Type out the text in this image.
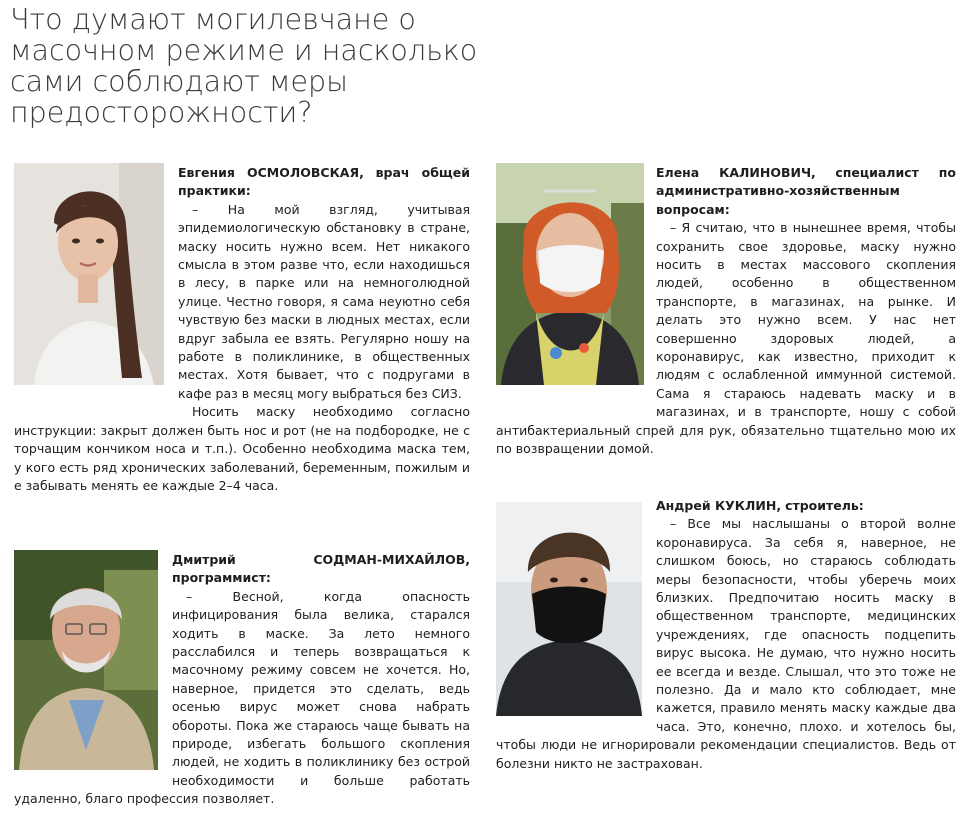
Что думают могилевчане о масочном режиме и насколько сами соблюдают меры предосторожности?

Евгения ОСМОЛОВСКАЯ, врач общей практики:

– На мой взгляд, учитывая эпидемиологическую обстановку в стране, маску носить нужно всем. Нет никакого смысла в этом разве что, если находишься в лесу, в парке или на немноголюдной улице. Честно говоря, я сама неуютно себя чувствую без маски в людных местах, если вдруг забыла ее взять. Регулярно ношу на работе в поликлинике, в общественных местах. Хотя бывает, что с подругами в кафе раз в месяц могу выбраться без СИЗ.

Носить маску необходимо согласно инструкции: закрыт должен быть нос и рот (не на подбородке, не с торчащим кончиком носа и т.п.). Особенно необходима маска тем, у кого есть ряд хронических заболеваний, беременным, пожилым и е забывать менять ее каждые 2–4 часа.

Дмитрий СОДМАН-МИХАЙЛОВ, программист:

– Весной, когда опасность инфицирования была велика, старался ходить в маске. За лето немного расслабился и теперь возвращаться к масочному режиму совсем не хочется. Но, наверное, придется это сделать, ведь осенью вирус может снова набрать обороты. Пока же стараюсь чаще бывать на природе, избегать большого скопления людей, не ходить в поликлинику без острой необходимости и больше работать удаленно, благо профессия позволяет.

Елена КАЛИНОВИЧ, специалист по административно-хозяйственным вопросам:

– Я считаю, что в нынешнее время, чтобы сохранить свое здоровье, маску нужно носить в местах массового скопления людей, особенно в общественном транспорте, в магазинах, на рынке. И делать это нужно всем. У нас нет совершенно здоровых людей, а коронавирус, как известно, приходит к людям с ослабленной иммунной системой. Сама я стараюсь надевать маску и в магазинах, и в транспорте, ношу с собой антибактериальный спрей для рук, обязательно тщательно мою их по возвращении домой.

Андрей КУКЛИН, строитель:

– Все мы наслышаны о второй волне коронавируса. За себя я, наверное, не слишком боюсь, но стараюсь соблюдать меры безопасности, чтобы уберечь моих близких. Предпочитаю носить маску в общественном транспорте, медицинских учреждениях, где опасность подцепить вирус высока. Не думаю, что нужно носить ее всегда и везде. Слышал, что это тоже не полезно. Да и мало кто соблюдает, мне кажется, правило менять маску каждые два часа. Это, конечно, плохо. и хотелось бы, чтобы люди не игнорировали рекомендации специалистов. Ведь от болезни никто не застрахован.
